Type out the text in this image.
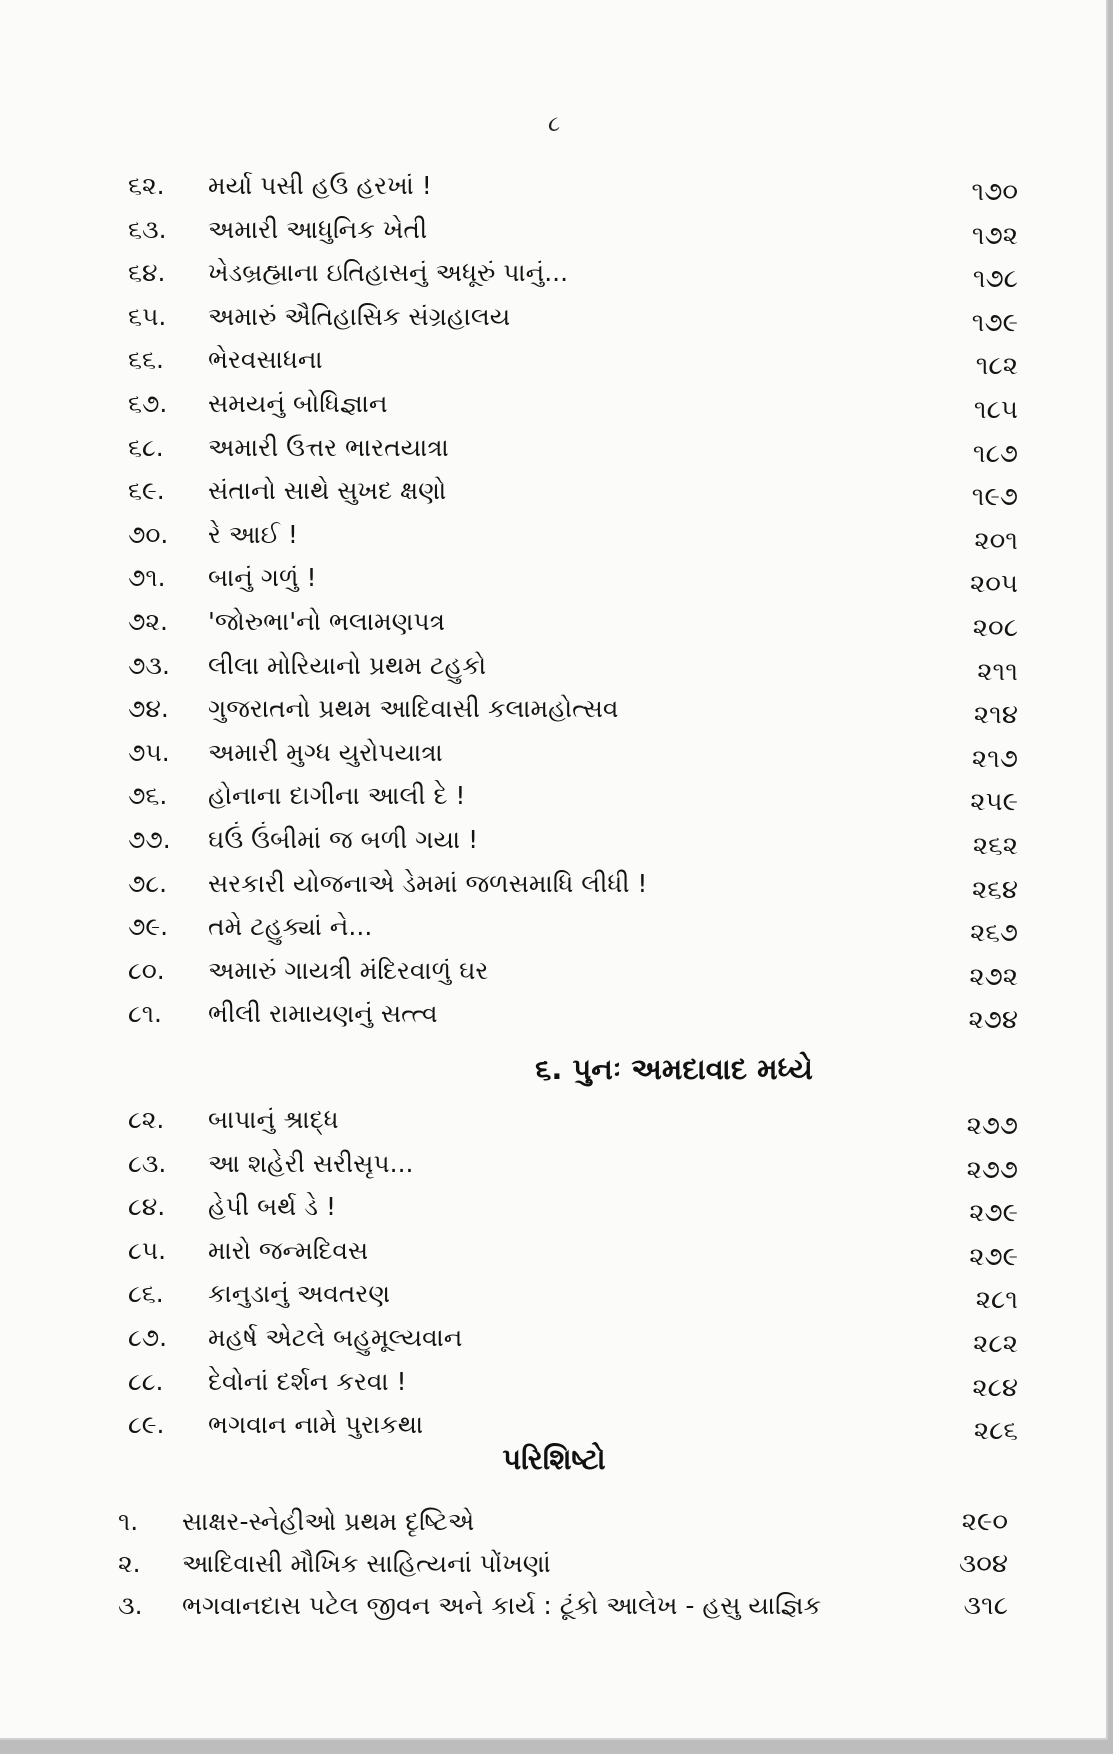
૮
૬૨.	મર્યા પસી હઉ હરખાં !	૧૭૦
૬૩.	અમારી આધુનિક ખેતી	૧૭૨
૬૪.	ખેડબ્રહ્માના ઇતિહાસનું અધૂરું પાનું...	૧૭૮
૬૫.	અમારું ઐતિહાસિક સંગ્રહાલય	૧૭૯
૬૬.	ભેરવસાધના	૧૮૨
૬૭.	સમયનું બોધિજ્ઞાન	૧૮૫
૬૮.	અમારી ઉત્તર ભારતયાત્રા	૧૮૭
૬૯.	સંતાનો સાથે સુખદ ક્ષણો	૧૯૭
૭૦.	રે આઈ !	૨૦૧
૭૧.	બાનું ગળું !	૨૦૫
૭૨.	'જોરુભા'નો ભલામણપત્ર	૨૦૮
૭૩.	લીલા મોરિયાનો પ્રથમ ટહુકો	૨૧૧
૭૪.	ગુજરાતનો પ્રથમ આદિવાસી કલામહોત્સવ	૨૧૪
૭૫.	અમારી મુગ્ધ યુરોપયાત્રા	૨૧૭
૭૬.	હોનાના દાગીના આલી દે !	૨૫૯
૭૭.	ઘઉં ઉંબીમાં જ બળી ગયા !	૨૬૨
૭૮.	સરકારી યોજનાએ ડેમમાં જળસમાધિ લીધી !	૨૬૪
૭૯.	તમે ટહુક્યાં ને...	૨૬૭
૮૦.	અમારું ગાયત્રી મંદિરવાળું ઘર	૨૭૨
૮૧.	ભીલી રામાયણનું સત્ત્વ	૨૭૪
૮૨.	બાપાનું શ્રાદ્ધ	૨૭૭
૮૩.	આ શહેરી સરીસૃપ...	૨૭૭
૮૪.	હેપી બર્થ ડે !	૨૭૯
૮૫.	મારો જન્મદિવસ	૨૭૯
૮૬.	કાનુડાનું અવતરણ	૨૮૧
૮૭.	મહર્ષ એટલે બહુમૂલ્યવાન	૨૮૨
૮૮.	દેવોનાં દર્શન કરવા !	૨૮૪
૮૯.	ભગવાન નામે પુરાકથા	૨૮૬
૧.	સાક્ષર-સ્નેહીઓ પ્રથમ દૃષ્ટિએ	૨૯૦
૨.	આદિવાસી મૌખિક સાહિત્યનાં પોંખણાં	૩૦૪
૩.	ભગવાનદાસ પટેલ જીવન અને કાર્ય : ટૂંકો આલેખ - હસુ યાજ્ઞિક	૩૧૮
૬. પુનઃ અમદાવાદ મધ્યે
પરિશિષ્ટો
